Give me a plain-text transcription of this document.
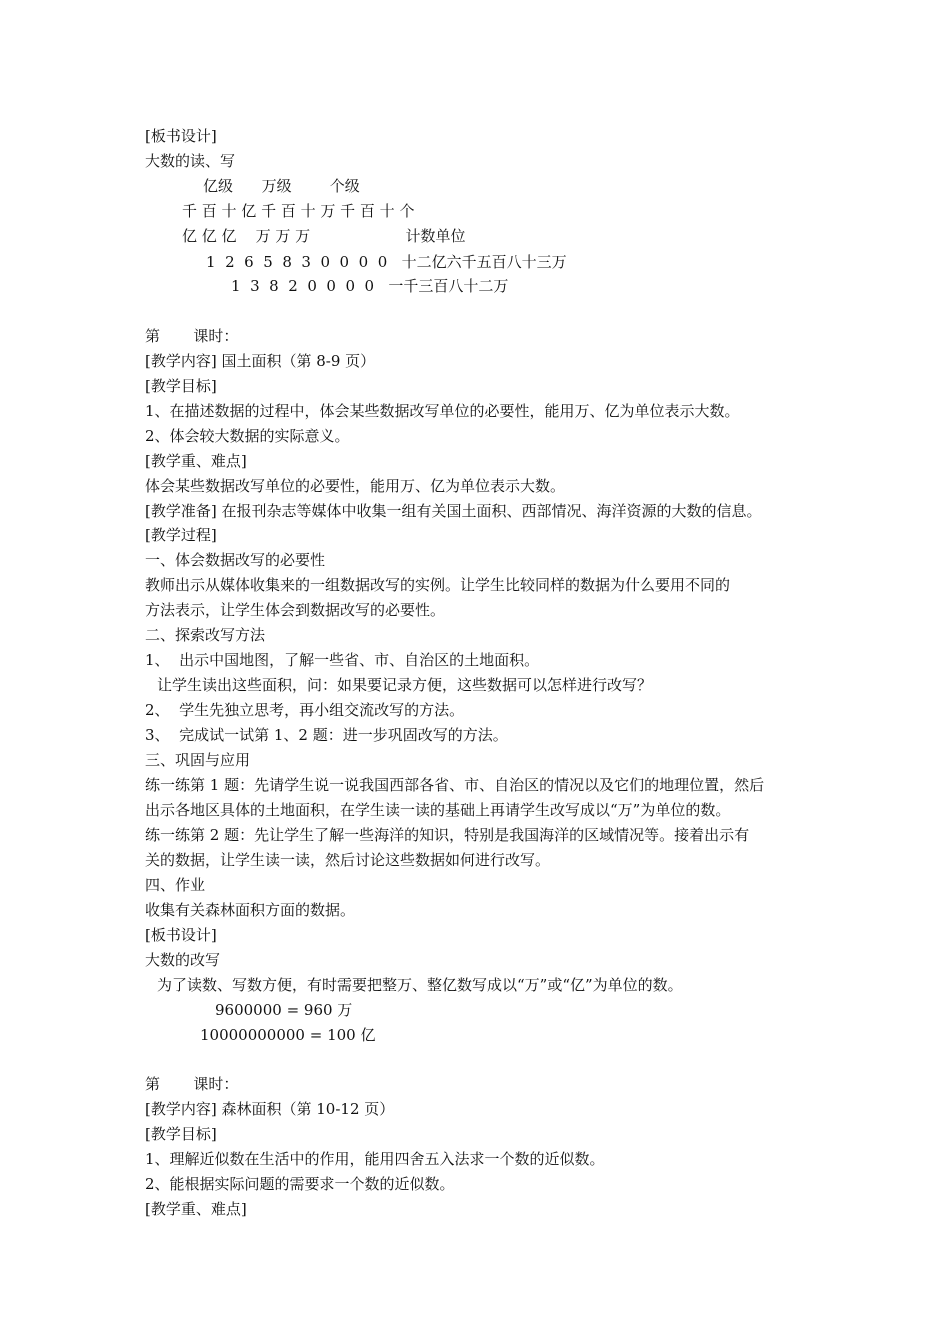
[板书设计]
大数的读、写
亿级      万级        个级
千 百 十 亿 千 百 十 万 千 百 十 个
亿 亿 亿    万 万 万                    计数单位
1  2  6  5  8  3  0  0  0  0   十二亿六千五百八十三万
1  3  8  2  0  0  0  0   一千三百八十二万
第       课时：
[教学内容] 国土面积（第 8-9 页）
[教学目标]
1、在描述数据的过程中，体会某些数据改写单位的必要性，能用万、亿为单位表示大数。
2、体会较大数据的实际意义。
[教学重、难点]
体会某些数据改写单位的必要性，能用万、亿为单位表示大数。
[教学准备] 在报刊杂志等媒体中收集一组有关国土面积、西部情况、海洋资源的大数的信息。
[教学过程]
一、体会数据改写的必要性
教师出示从媒体收集来的一组数据改写的实例。让学生比较同样的数据为什么要用不同的
方法表示，让学生体会到数据改写的必要性。
二、探索改写方法
1、  出示中国地图，了解一些省、市、自治区的土地面积。
让学生读出这些面积，问：如果要记录方便，这些数据可以怎样进行改写？
2、  学生先独立思考，再小组交流改写的方法。
3、  完成试一试第 1、2 题：进一步巩固改写的方法。
三、巩固与应用
练一练第 1 题：先请学生说一说我国西部各省、市、自治区的情况以及它们的地理位置，然后
出示各地区具体的土地面积，在学生读一读的基础上再请学生改写成以“万”为单位的数。
练一练第 2 题：先让学生了解一些海洋的知识，特别是我国海洋的区域情况等。接着出示有
关的数据，让学生读一读，然后讨论这些数据如何进行改写。
四、作业
收集有关森林面积方面的数据。
[板书设计]
大数的改写
为了读数、写数方便，有时需要把整万、整亿数写成以“万”或“亿”为单位的数。
9600000 = 960 万
10000000000 = 100 亿
第       课时：
[教学内容] 森林面积（第 10-12 页）
[教学目标]
1、理解近似数在生活中的作用，能用四舍五入法求一个数的近似数。
2、能根据实际问题的需要求一个数的近似数。
[教学重、难点]
